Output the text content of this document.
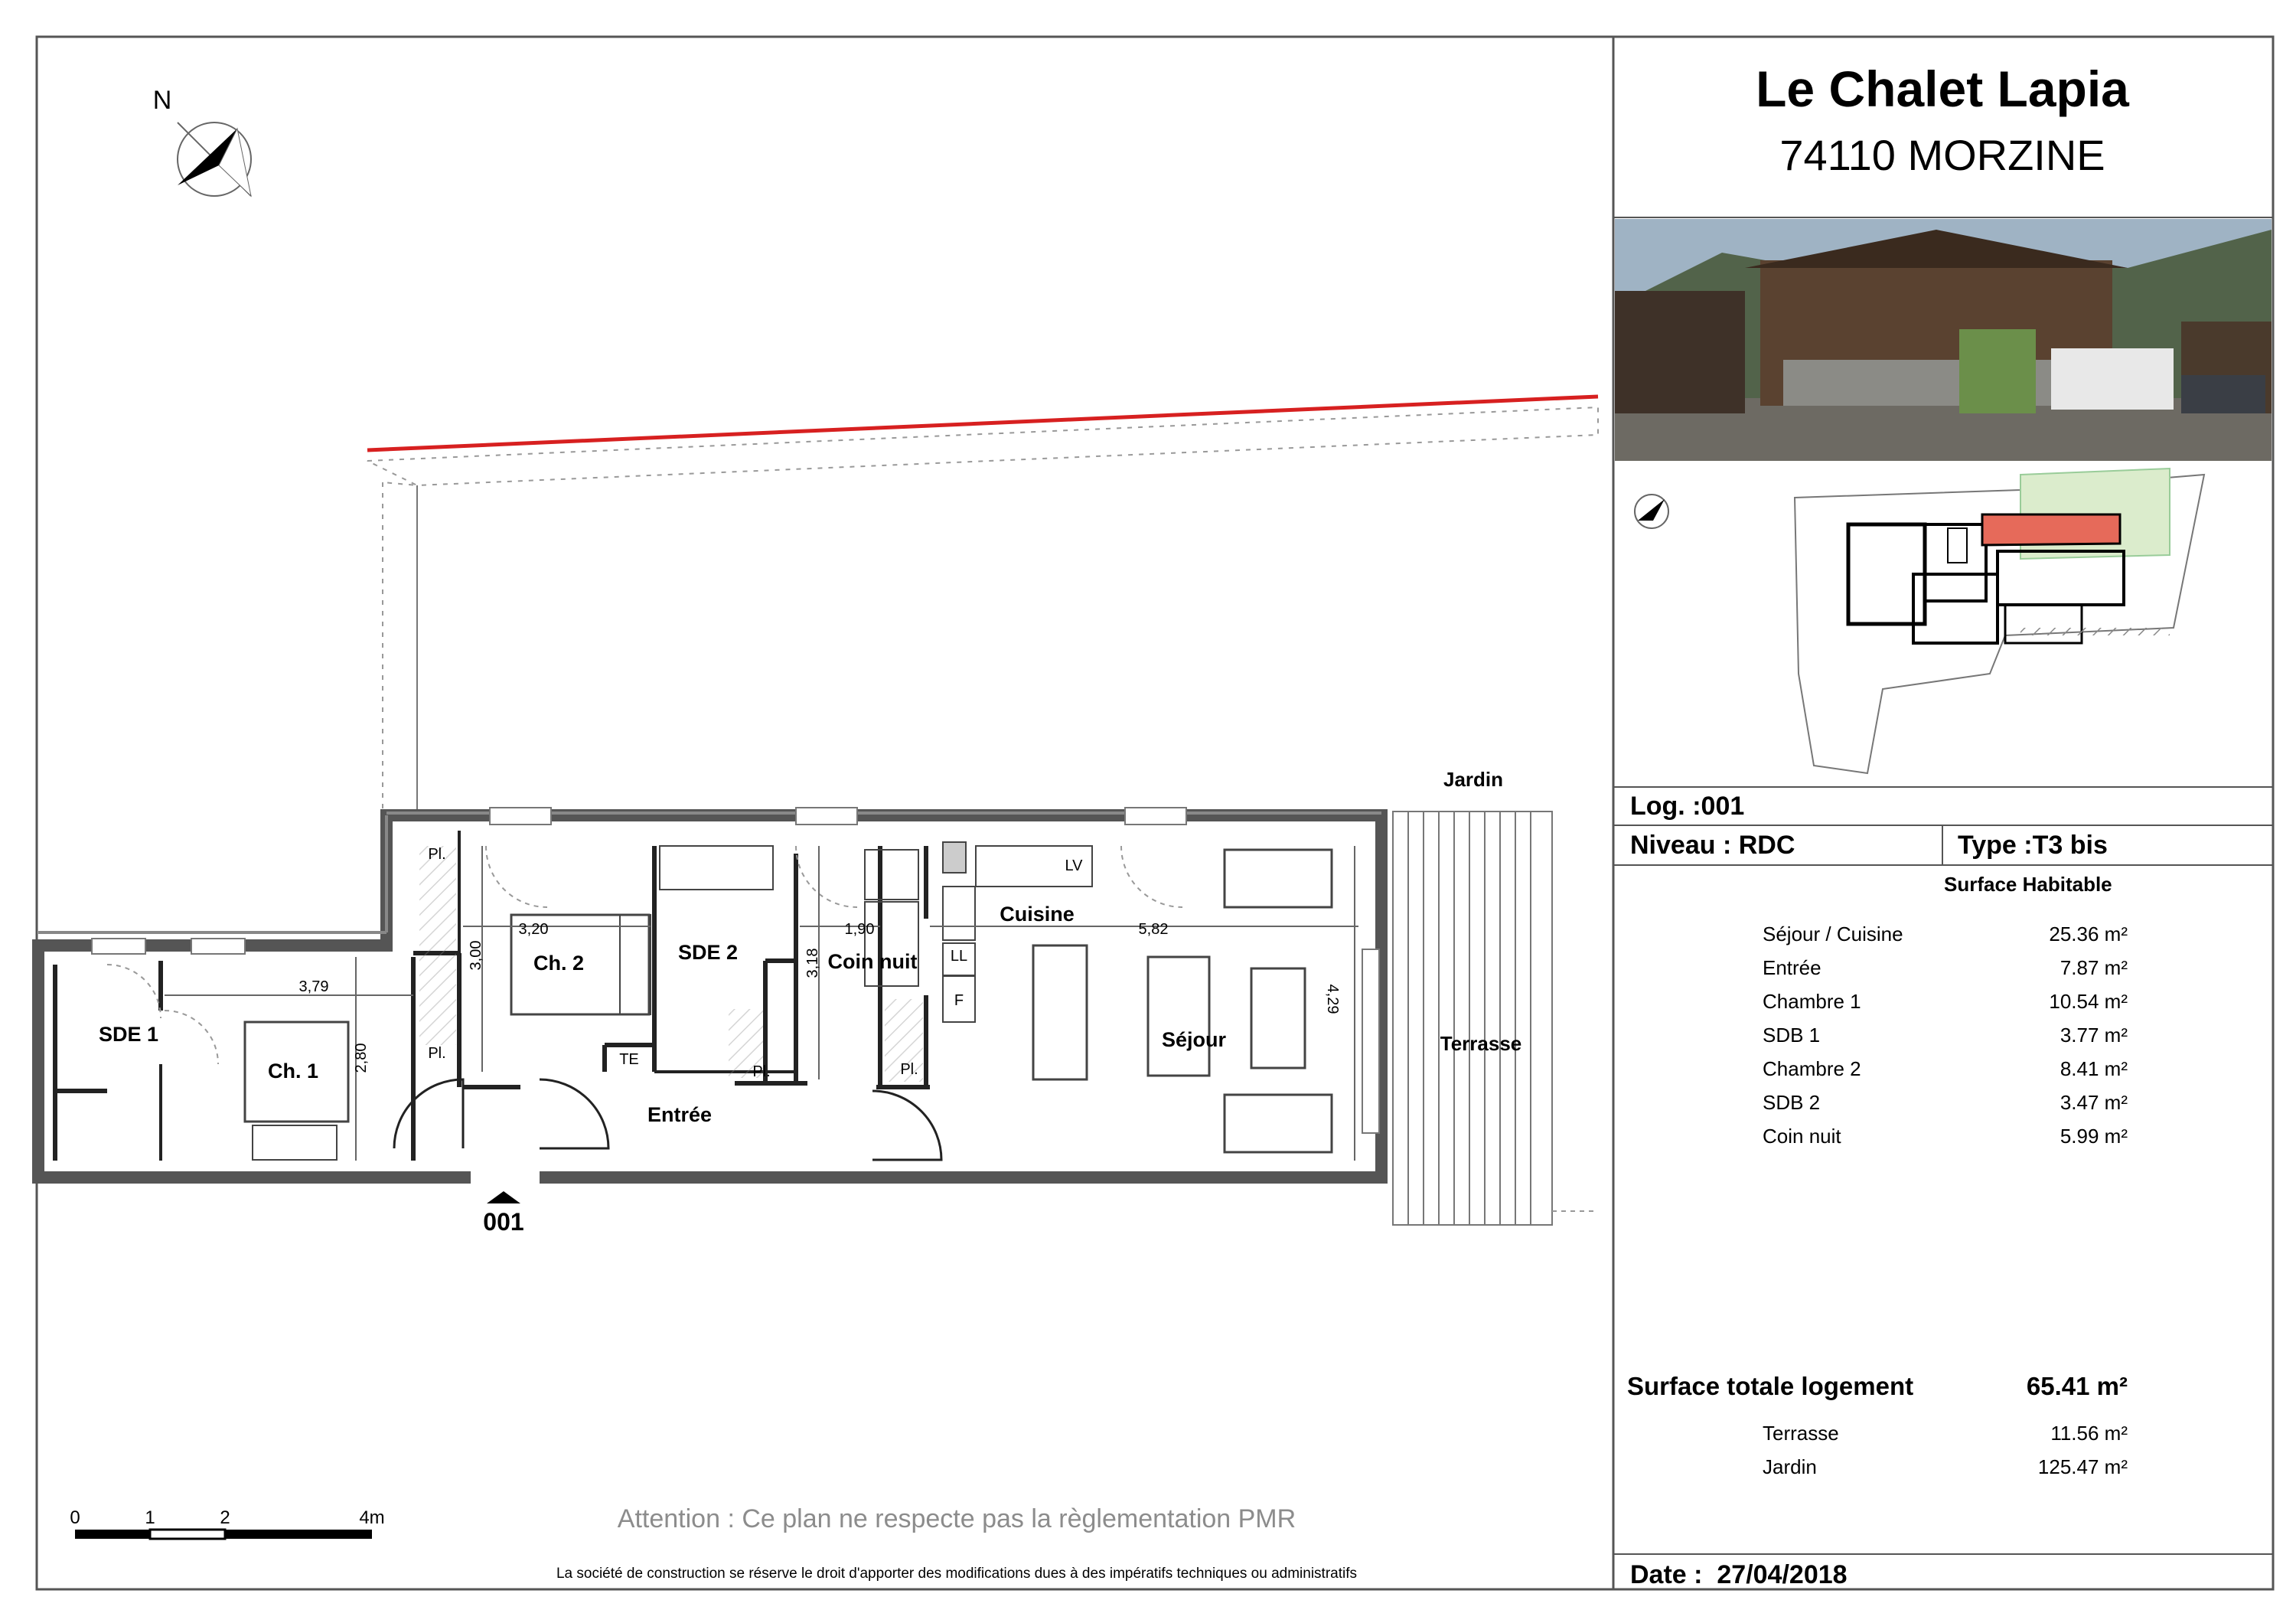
N
SDE 1
Ch. 1
Ch. 2	SDE 2	Coin nuit
Cuisine
Séjour
Entrée
Terrasse
Jardin
3,79
2,80
3,20
3,00
1,90
3,18
5,82
4,29
Pl.
Pl.
Pl.	Pl.
TE
LV
LL
F
001
0	1	2	4m
Le Chalet Lapia
74110 MORZINE
Log. :001
Niveau : RDC	Type :T3 bis
Surface Habitable
Séjour / Cuisine	25.36 m²
Entrée	7.87 m²
Chambre 1	10.54 m²
SDB 1	3.77 m²
Chambre 2	8.41 m²
SDB 2	3.47 m²
Coin nuit	5.99 m²
Surface totale logement	65.41 m²
Terrasse	11.56 m²
Jardin	125.47 m²
Date : 27/04/2018
Attention : Ce plan ne respecte pas la règlementation PMR
La société de construction se réserve le droit d'apporter des modifications dues à des impératifs techniques ou administratifs
